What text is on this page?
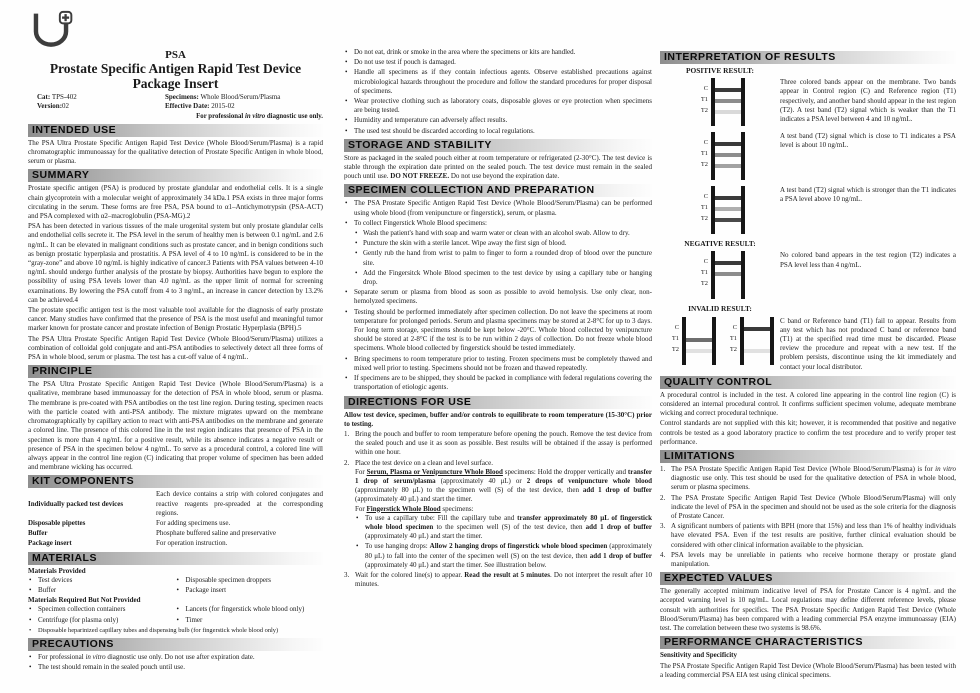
PSA
Prostate Specific Antigen Rapid Test Device
Package Insert
Cat: TPS-402	Specimens: Whole Blood/Serum/Plasma
Version:02	Effective Date: 2015-02
For professional in vitro diagnostic use only.
INTENDED USE

The PSA Ultra Prostate Specific Antigen Rapid Test Device (Whole Blood/Serum/Plasma) is a rapid chromatographic immunoassay for the qualitative detection of Prostate Specific Antigen in whole blood, serum or plasma.

SUMMARY

Prostate specific antigen (PSA) is produced by prostate glandular and endothelial cells. It is a single chain glycoprotein with a molecular weight of approximately 34 kDa.1 PSA exists in three major forms circulating in the serum. These forms are free PSA, PSA bound to α1–Antichymotrypsin (PSA-ACT) and PSA complexed with α2–macroglobulin (PSA-MG).2

PSA has been detected in various tissues of the male urogenital system but only prostate glandular cells and endothelial cells secrete it. The PSA level in the serum of healthy men is between 0.1 ng/mL and 2.6 ng/mL. It can be elevated in malignant conditions such as prostate cancer, and in benign conditions such as benign prostatic hyperplasia and prostatitis. A PSA level of 4 to 10 ng/mL is considered to be in the “gray-zone” and above 10 ng/mL is highly indicative of cancer.3 Patients with PSA values between 4-10 ng/mL should undergo further analysis of the prostate by biopsy. Authorities have begun to explore the possibility of using PSA levels lower than 4.0 ng/mL as the upper limit of normal for screening examinations. By lowering the PSA cutoff from 4 to 3 ng/mL, an increase in cancer detection by 13.2% can be achieved.4

The prostate specific antigen test is the most valuable tool available for the diagnosis of early prostate cancer. Many studies have confirmed that the presence of PSA is the most useful and meaningful tumor marker known for prostate cancer and prostate infection of Benign Prostatic Hyperplasia (BPH).5

The PSA Ultra Prostate Specific Antigen Rapid Test Device (Whole Blood/Serum/Plasma) utilizes a combination of colloidal gold conjugate and anti-PSA antibodies to selectively detect all three forms of PSA in whole blood, serum or plasma. The test has a cut-off value of 4 ng/mL.

PRINCIPLE

The PSA Ultra Prostate Specific Antigen Rapid Test Device (Whole Blood/Serum/Plasma) is a qualitative, membrane based immunoassay for the detection of PSA in whole blood, serum or plasma. The membrane is pre-coated with PSA antibodies on the test line region. During testing, specimen reacts with the particle coated with anti-PSA antibody. The mixture migrates upward on the membrane chromatographically by capillary action to react with anti-PSA antibodies on the membrane and generate a colored line. The presence of this colored line in the test region indicates that presence of PSA in the specimen is more than 4 ng/mL for a positive result, while its absence indicates a negative result or presence of PSA in the specimen below 4 ng/mL. To serve as a procedural control, a colored line will always appear in the control line region (C) indicating that proper volume of specimen has been added and membrane wicking has occurred.

KIT COMPONENTS
Individually packed test devices
Each device contains a strip with colored conjugates and reactive reagents pre-spreaded at the corresponding regions.
Disposable pipettes	For adding specimens use.
Buffer	Phosphate buffered saline and preservative
Package insert	For operation instruction.
MATERIALS
Materials Provided
• Test devices
• Buffer
• Disposable specimen droppers
• Package insert
Materials Required But Not Provided
• Specimen collection containers
• Centrifuge (for plasma only)
• Lancets (for fingerstick whole blood only)
• Timer
• Disposable heparinized capillary tubes and dispensing bulb (for fingerstick whole blood only)
PRECAUTIONS
• For professional in vitro diagnostic use only. Do not use after expiration date.
• The test should remain in the sealed pouch until use.
• Do not eat, drink or smoke in the area where the specimens or kits are handled.
• Do not use test if pouch is damaged.
• Handle all specimens as if they contain infectious agents. Observe established precautions against microbiological hazards throughout the procedure and follow the standard procedures for proper disposal of specimens.
• Wear protective clothing such as laboratory coats, disposable gloves or eye protection when specimens are being tested.
• Humidity and temperature can adversely affect results.
• The used test should be discarded according to local regulations.
STORAGE AND STABILITY

Store as packaged in the sealed pouch either at room temperature or refrigerated (2-30°C). The test device is stable through the expiration date printed on the sealed pouch. The test device must remain in the sealed pouch until use. DO NOT FREEZE. Do not use beyond the expiration date.

SPECIMEN COLLECTION AND PREPARATION
• The PSA Prostate Specific Antigen Rapid Test Device (Whole Blood/Serum/Plasma) can be performed using whole blood (from venipuncture or fingerstick), serum, or plasma.
• To collect Fingerstick Whole Blood specimens:
• Wash the patient's hand with soap and warm water or clean with an alcohol swab. Allow to dry.
• Puncture the skin with a sterile lancet. Wipe away the first sign of blood.
• Gently rub the hand from wrist to palm to finger to form a rounded drop of blood over the puncture site.
• Add the Fingersitck Whole Blood specimen to the test device by using a capillary tube or hanging drop.
• Separate serum or plasma from blood as soon as possible to avoid hemolysis. Use only clear, non-hemolyzed specimens.
• Testing should be performed immediately after specimen collection. Do not leave the specimens at room temperature for prolonged periods. Serum and plasma specimens may be stored at 2-8°C for up to 3 days. For long term storage, specimens should be kept below -20°C. Whole blood collected by venipuncture should be stored at 2-8°C if the test is to be run within 2 days of collection. Do not freeze whole blood specimens. Whole blood collected by fingerstick should be tested immediately.
• Bring specimens to room temperature prior to testing. Frozen specimens must be completely thawed and mixed well prior to testing. Specimens should not be frozen and thawed repeatedly.
• If specimens are to be shipped, they should be packed in compliance with federal regulations covering the transportation of etiologic agents.
DIRECTIONS FOR USE

Allow test device, specimen, buffer and/or controls to equilibrate to room temperature (15-30°C) prior to testing.

Bring the pouch and buffer to room temperature before opening the pouch. Remove the test device from the sealed pouch and use it as soon as possible. Best results will be obtained if the assay is performed within one hour.
Place the test device on a clean and level surface.
For Serum, Plasma or Venipuncture Whole Blood specimens: Hold the dropper vertically and transfer 1 drop of serum/plasma (approximately 40 μL) or 2 drops of venipuncture whole blood (approximately 80 μL) to the specimen well (S) of the test device, then add 1 drop of buffer (approximately 40 μL) and start the timer.
For Fingerstick Whole Blood specimens:
• To use a capillary tube: Fill the capillary tube and transfer approximately 80 μL of fingerstick whole blood specimen to the specimen well (S) of the test device, then add 1 drop of buffer (approximately 40 μL) and start the timer.
• To use hanging drops: Allow 2 hanging drops of fingerstick whole blood specimen (approximately 80 μL) to fall into the center of the specimen well (S) on the test device, then add 1 drop of buffer (approximately 40 μL) and start the timer. See illustration below.
Wait for the colored line(s) to appear. Read the result at 5 minutes. Do not interpret the result after 10 minutes.
INTERPRETATION OF RESULTS
POSITIVE RESULT:
C
T1
T2
Three colored bands appear on the membrane. Two bands appear in Control region (C) and Reference region (T1) respectively, and another band should appear in the test region (T2). A test band (T2) signal which is weaker than the T1 indicates a PSA level between 4 and 10 ng/mL.
C
T1
T2
A test band (T2) signal which is close to T1 indicates a PSA level is about 10 ng/mL.
C
T1
T2
A test band (T2) signal which is stronger than the T1 indicates a PSA level above 10 ng/mL.
NEGATIVE RESULT:
C
T1
T2
No colored band appears in the test region (T2) indicates a PSA level less than 4 ng/mL.
INVALID RESULT:
C
T1
T2
C
T1
T2
C band or Reference band (T1) fail to appear. Results from any test which has not produced C band or reference band (T1) at the specified read time must be discarded. Please review the procedure and repeat with a new test. If the problem persists, discontinue using the kit immediately and contact your local distributor.
QUALITY CONTROL

A procedural control is included in the test. A colored line appearing in the control line region (C) is considered an internal procedural control. It confirms sufficient specimen volume, adequate membrane wicking and correct procedural technique.

Control standards are not supplied with this kit; however, it is recommended that positive and negative controls be tested as a good laboratory practice to confirm the test procedure and to verify proper test performance.

LIMITATIONS
The PSA Prostate Specific Antigen Rapid Test Device (Whole Blood/Serum/Plasma) is for in vitro diagnostic use only. This test should be used for the qualitative detection of PSA in whole blood, serum or plasma specimens.
The PSA Prostate Specific Antigen Rapid Test Device (Whole Blood/Serum/Plasma) will only indicate the level of PSA in the specimen and should not be used as the sole criteria for the diagnosis of Prostate Cancer.
A significant numbers of patients with BPH (more that 15%) and less than 1% of healthy individuals have elevated PSA. Even if the test results are positive, further clinical evaluation should be considered with other clinical information available to the physician.
PSA levels may be unreliable in patients who receive hormone therapy or prostate gland manipulation.
EXPECTED VALUES

The generally accepted minimum indicative level of PSA for Prostate Cancer is 4 ng/mL and the accepted warning level is 10 ng/mL. Local regulations may define different reference levels, please consult with authorities for specifics. The PSA Prostate Specific Antigen Rapid Test Device (Whole Blood/Serum/Plasma) has been compared with a leading commercial PSA enzyme immunoassay (EIA) test. The correlation between these two systems is 98.6%.

PERFORMANCE CHARACTERISTICS
Sensitivity and Specificity

The PSA Prostate Specific Antigen Rapid Test Device (Whole Blood/Serum/Plasma) has been tested with a leading commercial PSA EIA test using clinical specimens.
